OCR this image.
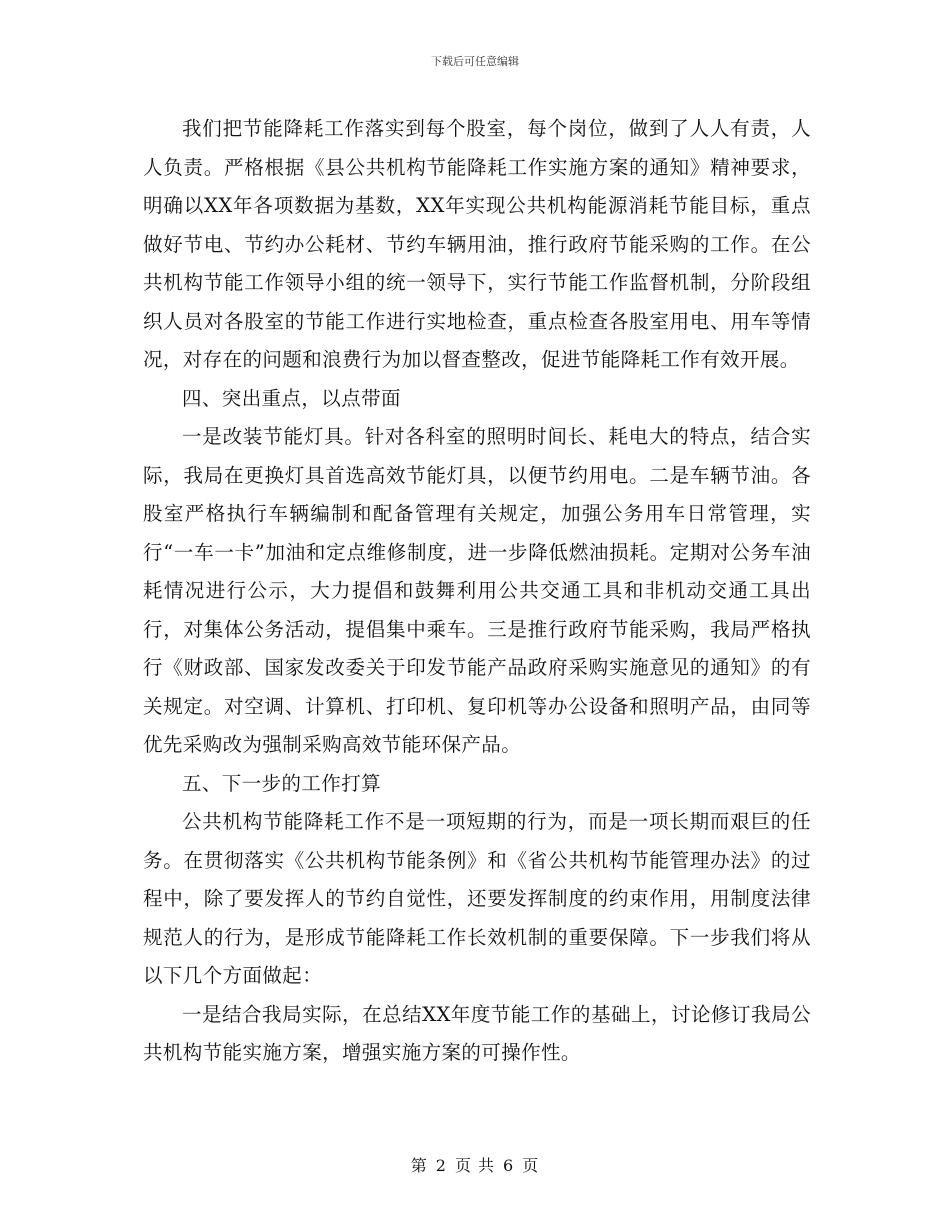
下载后可任意编辑

我们把节能降耗工作落实到每个股室，每个岗位，做到了人人有责，人人负责。严格根据《县公共机构节能降耗工作实施方案的通知》精神要求，明确以XX年各项数据为基数，XX年实现公共机构能源消耗节能目标，重点做好节电、节约办公耗材、节约车辆用油，推行政府节能采购的工作。在公共机构节能工作领导小组的统一领导下，实行节能工作监督机制，分阶段组织人员对各股室的节能工作进行实地检查，重点检查各股室用电、用车等情况，对存在的问题和浪费行为加以督查整改，促进节能降耗工作有效开展。

四、突出重点，以点带面

一是改装节能灯具。针对各科室的照明时间长、耗电大的特点，结合实际，我局在更换灯具首选高效节能灯具，以便节约用电。二是车辆节油。各股室严格执行车辆编制和配备管理有关规定，加强公务用车日常管理，实行“一车一卡”加油和定点维修制度，进一步降低燃油损耗。定期对公务车油耗情况进行公示，大力提倡和鼓舞利用公共交通工具和非机动交通工具出行，对集体公务活动，提倡集中乘车。三是推行政府节能采购，我局严格执行《财政部、国家发改委关于印发节能产品政府采购实施意见的通知》的有关规定。对空调、计算机、打印机、复印机等办公设备和照明产品，由同等优先采购改为强制采购高效节能环保产品。

五、下一步的工作打算

公共机构节能降耗工作不是一项短期的行为，而是一项长期而艰巨的任务。在贯彻落实《公共机构节能条例》和《省公共机构节能管理办法》的过程中，除了要发挥人的节约自觉性，还要发挥制度的约束作用，用制度法律规范人的行为，是形成节能降耗工作长效机制的重要保障。下一步我们将从以下几个方面做起：

一是结合我局实际，在总结XX年度节能工作的基础上，讨论修订我局公共机构节能实施方案，增强实施方案的可操作性。

第 2 页 共 6 页
